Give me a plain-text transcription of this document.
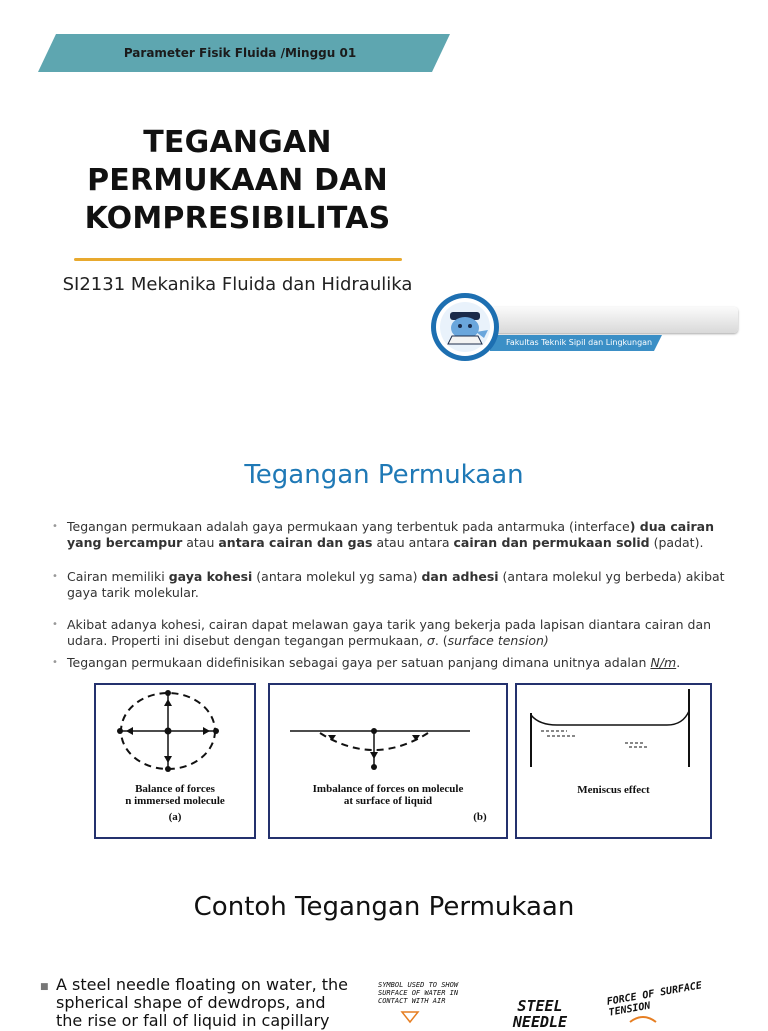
Parameter Fisik Fluida /Minggu 01
TEGANGAN PERMUKAAN DAN KOMPRESIBILITAS
SI2131 Mekanika Fluida dan Hidraulika
Fakultas Teknik Sipil dan Lingkungan
Tegangan Permukaan
• Tegangan permukaan adalah gaya permukaan yang terbentuk pada antarmuka (interface) dua cairan yang bercampur atau antara cairan dan gas atau antara cairan dan permukaan solid (padat).
• Cairan memiliki gaya kohesi (antara molekul yg sama) dan adhesi (antara molekul yg berbeda) akibat gaya tarik molekular.
• Akibat adanya kohesi, cairan dapat melawan gaya tarik yang bekerja pada lapisan diantara cairan dan udara. Properti ini disebut dengan tegangan permukaan, σ. (surface tension)
• Tegangan permukaan didefinisikan sebagai gaya per satuan panjang dimana unitnya adalan N/m.
Balance of forces
n immersed molecule
(a)
Imbalance of forces on molecule
at surface of liquid
(b)
Meniscus effect
Contoh Tegangan Permukaan
■ A steel needle floating on water, the spherical shape of dewdrops, and the rise or fall of liquid in capillary
SYMBOL USED TO SHOW SURFACE OF WATER IN CONTACT WITH AIR	STEEL NEEDLE
FORCE OF SURFACE TENSION
